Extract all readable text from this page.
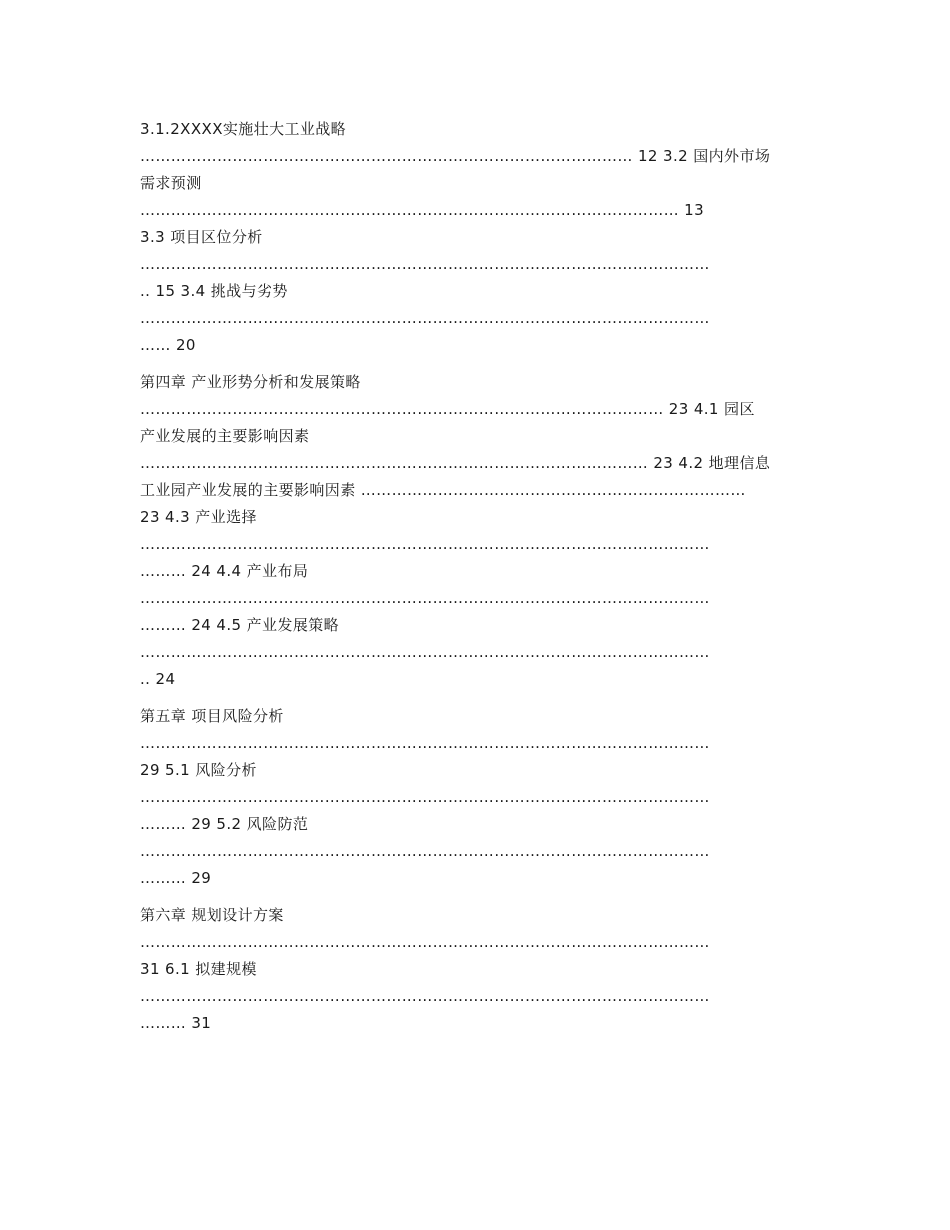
3.1.2XXXX实施壮大工业战略
…………………………………………………………………………………… 12 3.2 国内外市场
需求预测
…………………………………………………………………………………………… 13
3.3 项目区位分析
…………………………………………………………………………………………………
.. 15 3.4 挑战与劣势
…………………………………………………………………………………………………
…… 20
第四章 产业形势分析和发展策略
………………………………………………………………………………………… 23 4.1 园区
产业发展的主要影响因素
……………………………………………………………………………………… 23 4.2 地理信息
工业园产业发展的主要影响因素 …………………………………………………………………
23 4.3 产业选择
…………………………………………………………………………………………………
……… 24 4.4 产业布局
…………………………………………………………………………………………………
……… 24 4.5 产业发展策略
…………………………………………………………………………………………………
.. 24
第五章 项目风险分析
…………………………………………………………………………………………………
29 5.1 风险分析
…………………………………………………………………………………………………
……… 29 5.2 风险防范
…………………………………………………………………………………………………
……… 29
第六章 规划设计方案
…………………………………………………………………………………………………
31 6.1 拟建规模
…………………………………………………………………………………………………
……… 31
